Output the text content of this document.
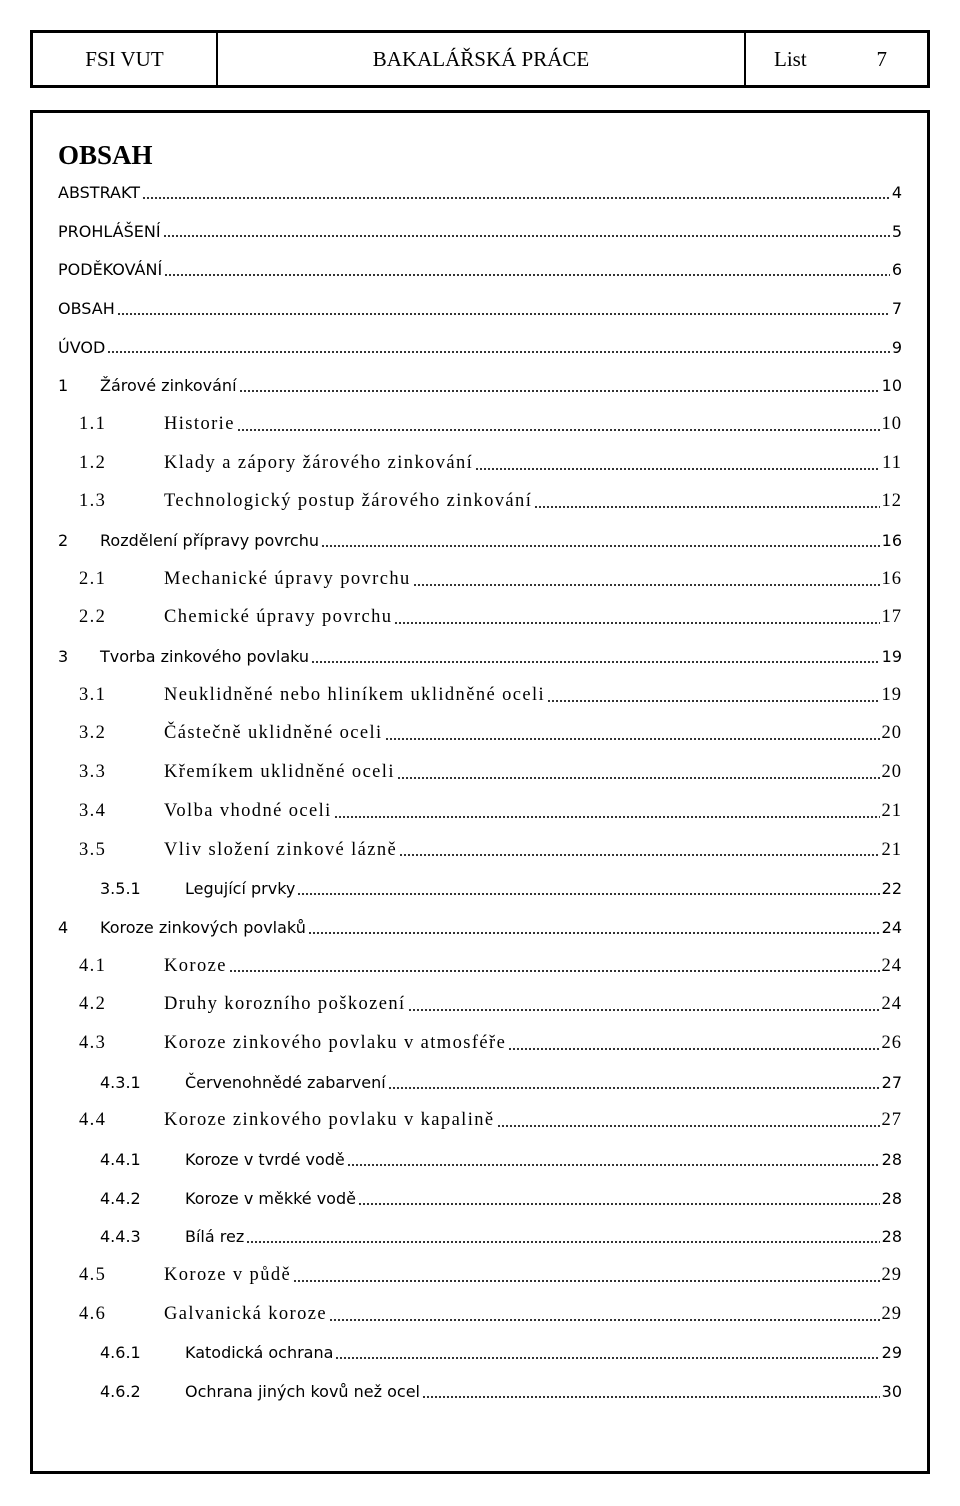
FSI VUT	BAKALÁŘSKÁ PRÁCE	List	7
OBSAH
ABSTRAKT	4
PROHLÁŠENÍ	5
PODĚKOVÁNÍ	6
OBSAH	7
ÚVOD	9
1	Žárové zinkování	10
1.1	Historie	10
1.2	Klady a zápory žárového zinkování	11
1.3	Technologický postup žárového zinkování	12
2	Rozdělení přípravy povrchu	16
2.1	Mechanické úpravy povrchu	16
2.2	Chemické úpravy povrchu	17
3	Tvorba zinkového povlaku	19
3.1	Neuklidněné nebo hliníkem uklidněné oceli	19
3.2	Částečně uklidněné oceli	20
3.3	Křemíkem uklidněné oceli	20
3.4	Volba vhodné oceli	21
3.5	Vliv složení zinkové lázně	21
3.5.1	Legující prvky	22
4	Koroze zinkových povlaků	24
4.1	Koroze	24
4.2	Druhy korozního poškození	24
4.3	Koroze zinkového povlaku v atmosféře	26
4.3.1	Červenohnědé zabarvení	27
4.4	Koroze zinkového povlaku v kapalině	27
4.4.1	Koroze v tvrdé vodě	28
4.4.2	Koroze v měkké vodě	28
4.4.3	Bílá rez	28
4.5	Koroze v půdě	29
4.6	Galvanická koroze	29
4.6.1	Katodická ochrana	29
4.6.2	Ochrana jiných kovů než ocel	30
